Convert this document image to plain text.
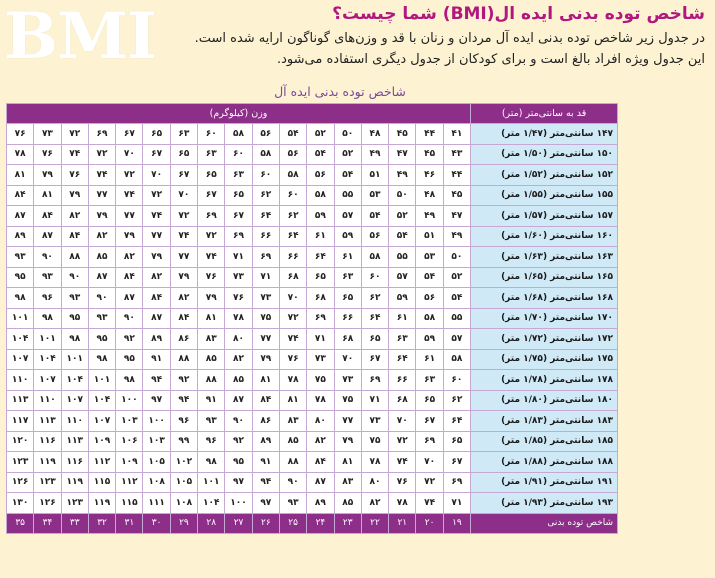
BMI	شاخص توده بدنی ایده ال(BMI) شما چیست؟
در جدول زیر شاخص توده بدنی ایده آل مردان و زنان با قد و وزن‌های گوناگون ارایه شده است.
این جدول ویژه افراد بالغ است و برای کودکان از جدول دیگری استفاده می‌شود.
شاخص توده بدنی ایده آل
قد به سانتی‌متر (متر)	وزن (کیلوگرم)																
۱۴۷ سانتی‌متر (۱/۴۷ متر)	۴۱	۴۴	۴۵	۴۸	۵۰	۵۲	۵۴	۵۶	۵۸	۶۰	۶۳	۶۵	۶۷	۶۹	۷۲	۷۳	۷۶
۱۵۰ سانتی‌متر (۱/۵۰ متر)	۴۳	۴۵	۴۷	۴۹	۵۲	۵۴	۵۶	۵۸	۶۰	۶۳	۶۵	۶۷	۷۰	۷۲	۷۴	۷۶	۷۸
۱۵۲ سانتی‌متر (۱/۵۲ متر)	۴۴	۴۶	۴۹	۵۱	۵۴	۵۶	۵۸	۶۰	۶۳	۶۵	۶۷	۷۰	۷۲	۷۴	۷۶	۷۹	۸۱
۱۵۵ سانتی‌متر (۱/۵۵ متر)	۴۵	۴۸	۵۰	۵۳	۵۵	۵۸	۶۰	۶۲	۶۵	۶۷	۷۰	۷۲	۷۴	۷۷	۷۹	۸۱	۸۴
۱۵۷ سانتی‌متر (۱/۵۷ متر)	۴۷	۴۹	۵۲	۵۴	۵۷	۵۹	۶۲	۶۴	۶۷	۶۹	۷۲	۷۴	۷۷	۷۹	۸۲	۸۴	۸۷
۱۶۰ سانتی‌متر (۱/۶۰ متر)	۴۹	۵۱	۵۴	۵۶	۵۹	۶۱	۶۴	۶۶	۶۹	۷۲	۷۴	۷۷	۷۹	۸۲	۸۴	۸۷	۸۹
۱۶۳ سانتی‌متر (۱/۶۳ متر)	۵۰	۵۳	۵۵	۵۸	۶۱	۶۴	۶۶	۶۹	۷۱	۷۴	۷۷	۷۹	۸۲	۸۵	۸۸	۹۰	۹۳
۱۶۵ سانتی‌متر (۱/۶۵ متر)	۵۲	۵۴	۵۷	۶۰	۶۳	۶۵	۶۸	۷۱	۷۳	۷۶	۷۹	۸۲	۸۴	۸۷	۹۰	۹۳	۹۵
۱۶۸ سانتی‌متر (۱/۶۸ متر)	۵۴	۵۶	۵۹	۶۲	۶۵	۶۸	۷۰	۷۳	۷۶	۷۹	۸۲	۸۴	۸۷	۹۰	۹۳	۹۶	۹۸
۱۷۰ سانتی‌متر (۱/۷۰ متر)	۵۵	۵۸	۶۱	۶۴	۶۶	۶۹	۷۲	۷۵	۷۸	۸۱	۸۴	۸۷	۹۰	۹۳	۹۵	۹۸	۱۰۱
۱۷۲ سانتی‌متر (۱/۷۲ متر)	۵۷	۵۹	۶۳	۶۵	۶۸	۷۱	۷۴	۷۷	۸۰	۸۳	۸۶	۸۹	۹۲	۹۵	۹۸	۱۰۱	۱۰۴
۱۷۵ سانتی‌متر (۱/۷۵ متر)	۵۸	۶۱	۶۴	۶۷	۷۰	۷۳	۷۶	۷۹	۸۲	۸۵	۸۸	۹۱	۹۵	۹۸	۱۰۱	۱۰۴	۱۰۷
۱۷۸ سانتی‌متر (۱/۷۸ متر)	۶۰	۶۳	۶۶	۶۹	۷۳	۷۵	۷۸	۸۱	۸۵	۸۸	۹۲	۹۴	۹۸	۱۰۱	۱۰۴	۱۰۷	۱۱۰
۱۸۰ سانتی‌متر (۱/۸۰ متر)	۶۲	۶۵	۶۸	۷۱	۷۵	۷۸	۸۱	۸۴	۸۷	۹۱	۹۴	۹۷	۱۰۰	۱۰۴	۱۰۷	۱۱۰	۱۱۳
۱۸۳ سانتی‌متر (۱/۸۳ متر)	۶۴	۶۷	۷۰	۷۳	۷۷	۸۰	۸۳	۸۶	۹۰	۹۳	۹۶	۱۰۰	۱۰۳	۱۰۷	۱۱۰	۱۱۳	۱۱۷
۱۸۵ سانتی‌متر (۱/۸۵ متر)	۶۵	۶۹	۷۲	۷۵	۷۹	۸۲	۸۵	۸۹	۹۲	۹۶	۹۹	۱۰۳	۱۰۶	۱۰۹	۱۱۳	۱۱۶	۱۲۰
۱۸۸ سانتی‌متر (۱/۸۸ متر)	۶۷	۷۰	۷۴	۷۸	۸۱	۸۴	۸۸	۹۱	۹۵	۹۸	۱۰۲	۱۰۵	۱۰۹	۱۱۲	۱۱۶	۱۱۹	۱۲۳
۱۹۱ سانتی‌متر (۱/۹۱ متر)	۶۹	۷۲	۷۶	۸۰	۸۳	۸۷	۹۰	۹۴	۹۷	۱۰۱	۱۰۵	۱۰۸	۱۱۲	۱۱۵	۱۱۹	۱۲۳	۱۲۶
۱۹۳ سانتی‌متر (۱/۹۳ متر)	۷۱	۷۴	۷۸	۸۲	۸۵	۸۹	۹۳	۹۷	۱۰۰	۱۰۴	۱۰۸	۱۱۱	۱۱۵	۱۱۹	۱۲۳	۱۲۶	۱۳۰
شاخص توده بدنی	۱۹	۲۰	۲۱	۲۲	۲۳	۲۴	۲۵	۲۶	۲۷	۲۸	۲۹	۳۰	۳۱	۳۲	۳۳	۳۴	۳۵
